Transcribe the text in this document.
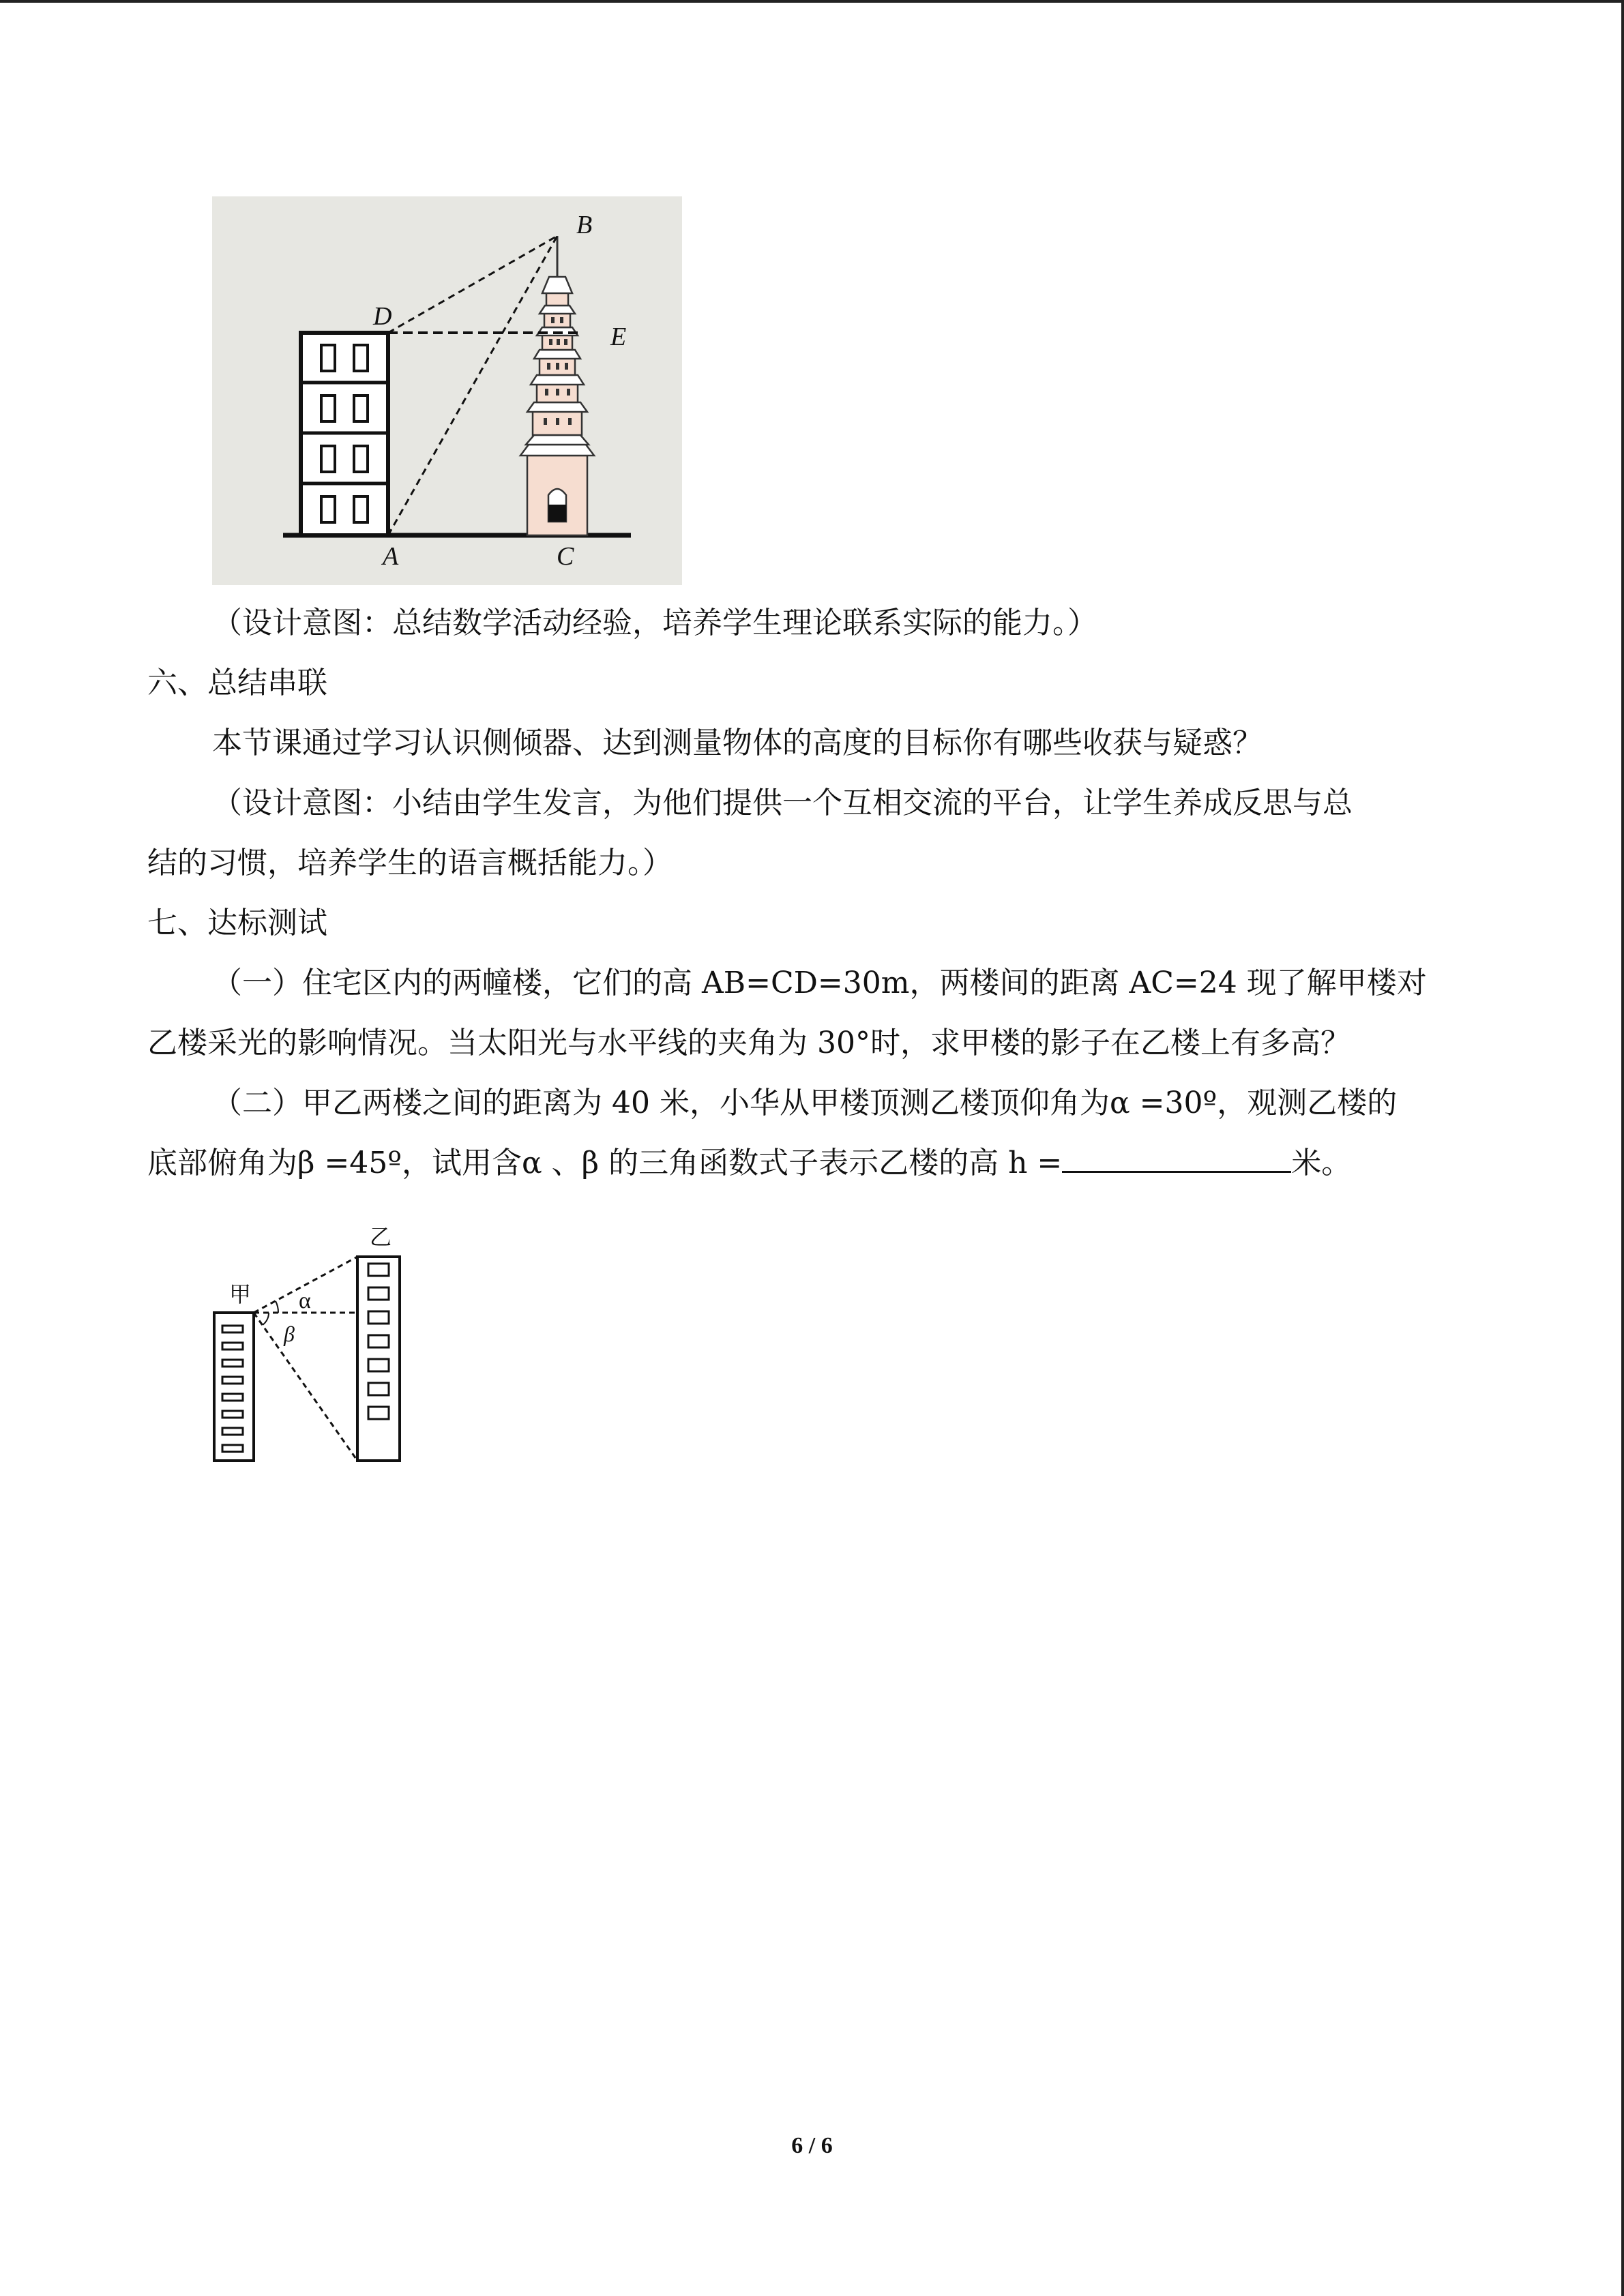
B
D
E
A	C

（设计意图：总结数学活动经验，培养学生理论联系实际的能力。）

六、总结串联

本节课通过学习认识侧倾器、达到测量物体的高度的目标你有哪些收获与疑惑？

（设计意图：小结由学生发言，为他们提供一个互相交流的平台，让学生养成反思与总

结的习惯，培养学生的语言概括能力。）

七、达标测试

（一）住宅区内的两幢楼，它们的高 AB=CD=30m，两楼间的距离 AC=24 现了解甲楼对

乙楼采光的影响情况。当太阳光与水平线的夹角为 30°时，求甲楼的影子在乙楼上有多高？

（二）甲乙两楼之间的距离为 40 米，小华从甲楼顶测乙楼顶仰角为α =30º，观测乙楼的

底部俯角为β =45º，试用含α 、β 的三角函数式子表示乙楼的高 h =	米。

甲
乙
α
β
6 / 6
